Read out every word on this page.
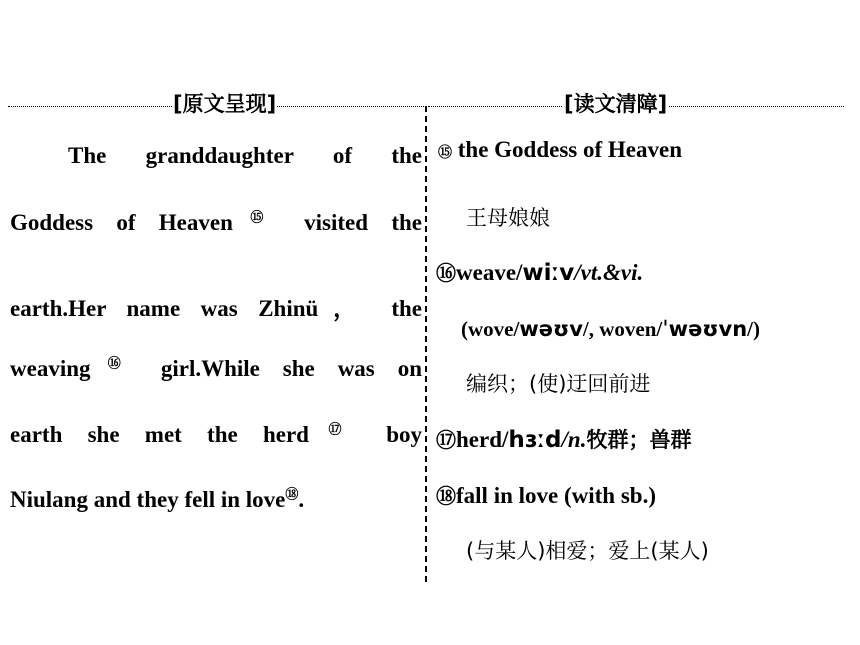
[原文呈现]	[读文清障]
The granddaughter of the
Goddess of Heaven⑮ visited the
earth.Her name was Zhinü， the
weaving⑯ girl.While she was on
earth she met the herd⑰ boy
Niulang and they fell in love⑱.
⑮ the Goddess of Heaven
王母娘娘
⑯weave/wiːv/vt.&vi.
(wove/wəʊv/, woven/ˈwəʊvn/)
编织；(使)迂回前进
⑰herd/hɜːd/n.牧群；兽群
⑱fall in love (with sb.)
(与某人)相爱；爱上(某人)
